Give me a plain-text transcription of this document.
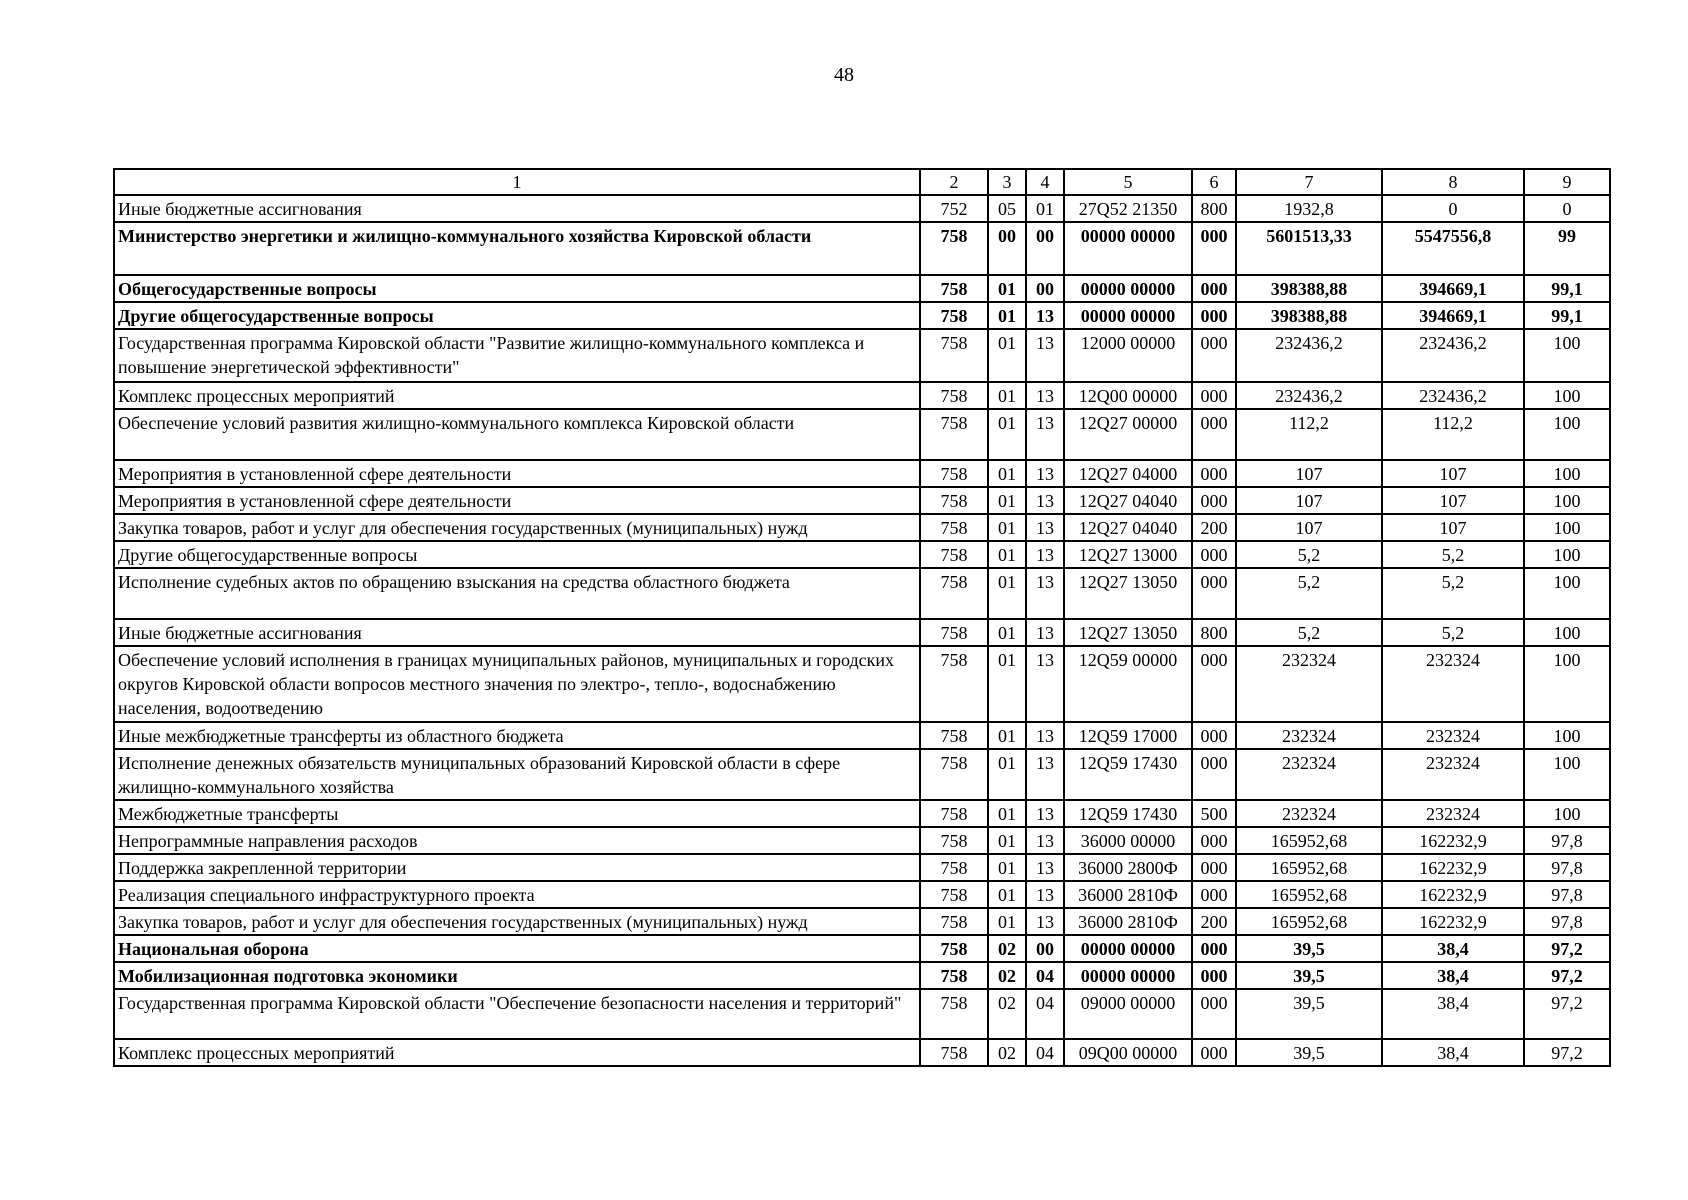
48
1	2	3	4	5	6	7	8	9
Иные бюджетные ассигнования	752	05	01	27Q52 21350	800	1932,8	0	0
Министерство энергетики и жилищно-коммунального хозяйства Кировской области	758	00	00	00000 00000	000	5601513,33	5547556,8	99
Общегосударственные вопросы	758	01	00	00000 00000	000	398388,88	394669,1	99,1
Другие общегосударственные вопросы	758	01	13	00000 00000	000	398388,88	394669,1	99,1
Государственная программа Кировской области "Развитие жилищно-коммунального комплекса и повышение энергетической эффективности"	758	01	13	12000 00000	000	232436,2	232436,2	100
Комплекс процессных мероприятий	758	01	13	12Q00 00000	000	232436,2	232436,2	100
Обеспечение условий развития жилищно-коммунального комплекса Кировской области	758	01	13	12Q27 00000	000	112,2	112,2	100
Мероприятия в установленной сфере деятельности	758	01	13	12Q27 04000	000	107	107	100
Мероприятия в установленной сфере деятельности	758	01	13	12Q27 04040	000	107	107	100
Закупка товаров, работ и услуг для обеспечения государственных (муниципальных) нужд	758	01	13	12Q27 04040	200	107	107	100
Другие общегосударственные вопросы	758	01	13	12Q27 13000	000	5,2	5,2	100
Исполнение судебных актов по обращению взыскания на средства областного бюджета	758	01	13	12Q27 13050	000	5,2	5,2	100
Иные бюджетные ассигнования	758	01	13	12Q27 13050	800	5,2	5,2	100
Обеспечение условий исполнения в границах муниципальных районов, муниципальных и городских округов Кировской области вопросов местного значения по электро-, тепло-, водоснабжению населения, водоотведению	758	01	13	12Q59 00000	000	232324	232324	100
Иные межбюджетные трансферты из областного бюджета	758	01	13	12Q59 17000	000	232324	232324	100
Исполнение денежных обязательств муниципальных образований Кировской области в сфере жилищно-коммунального хозяйства	758	01	13	12Q59 17430	000	232324	232324	100
Межбюджетные трансферты	758	01	13	12Q59 17430	500	232324	232324	100
Непрограммные направления расходов	758	01	13	36000 00000	000	165952,68	162232,9	97,8
Поддержка закрепленной территории	758	01	13	36000 2800Ф	000	165952,68	162232,9	97,8
Реализация специального инфраструктурного проекта	758	01	13	36000 2810Ф	000	165952,68	162232,9	97,8
Закупка товаров, работ и услуг для обеспечения государственных (муниципальных) нужд	758	01	13	36000 2810Ф	200	165952,68	162232,9	97,8
Национальная оборона	758	02	00	00000 00000	000	39,5	38,4	97,2
Мобилизационная подготовка экономики	758	02	04	00000 00000	000	39,5	38,4	97,2
Государственная программа Кировской области "Обеспечение безопасности населения и территорий"	758	02	04	09000 00000	000	39,5	38,4	97,2
Комплекс процессных мероприятий	758	02	04	09Q00 00000	000	39,5	38,4	97,2
